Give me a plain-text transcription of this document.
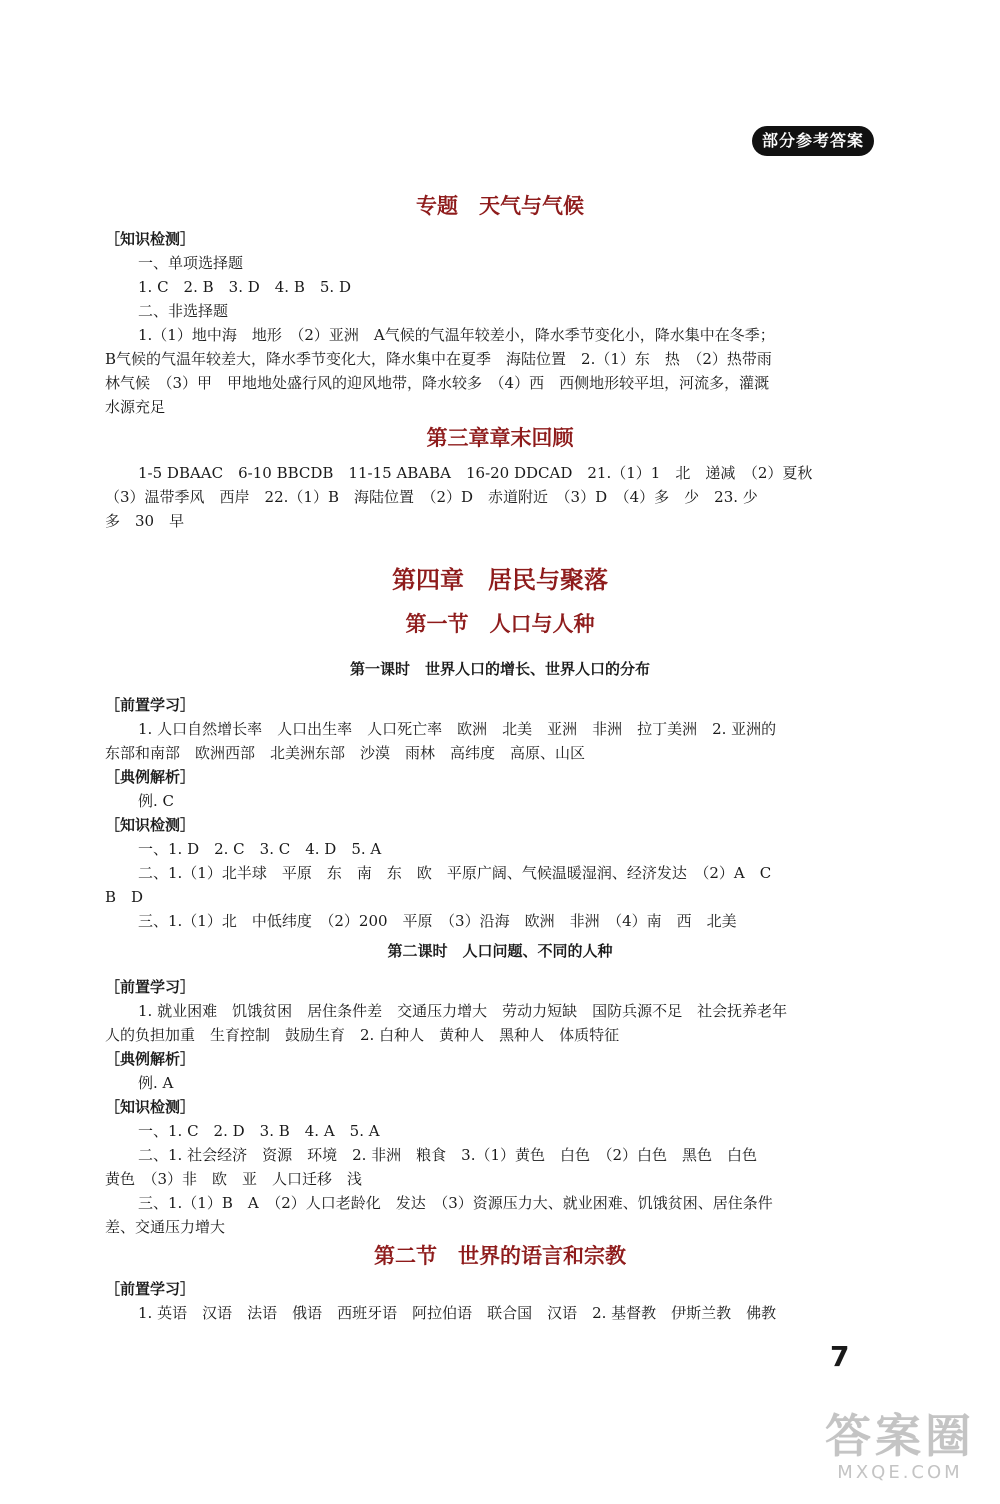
部分参考答案
专题　天气与气候
［知识检测］
一、单项选择题
1. C　2. B　3. D　4. B　5. D
二、非选择题
1.（1）地中海　地形　（2）亚洲　A气候的气温年较差小，降水季节变化小，降水集中在冬季；
B气候的气温年较差大，降水季节变化大，降水集中在夏季　海陆位置　2.（1）东　热　（2）热带雨
林气候　（3）甲　甲地地处盛行风的迎风地带，降水较多　（4）西　西侧地形较平坦，河流多，灌溉
水源充足
第三章章末回顾
1-5 DBAAC　6-10 BBCDB　11-15 ABABA　16-20 DDCAD　21.（1）1　北　递减　（2）夏秋
（3）温带季风　西岸　22.（1）B　海陆位置　（2）D　赤道附近　（3）D　（4）多　少　23. 少
多　30　早
第四章　居民与聚落
第一节　人口与人种
第一课时　世界人口的增长、世界人口的分布
［前置学习］
1. 人口自然增长率　人口出生率　人口死亡率　欧洲　北美　亚洲　非洲　拉丁美洲　2. 亚洲的
东部和南部　欧洲西部　北美洲东部　沙漠　雨林　高纬度　高原、山区
［典例解析］
例. C
［知识检测］
一、1. D　2. C　3. C　4. D　5. A
二、1.（1）北半球　平原　东　南　东　欧　平原广阔、气候温暖湿润、经济发达　（2）A　C
B　D
三、1.（1）北　中低纬度　（2）200　平原　（3）沿海　欧洲　非洲　（4）南　西　北美
第二课时　人口问题、不同的人种
［前置学习］
1. 就业困难　饥饿贫困　居住条件差　交通压力增大　劳动力短缺　国防兵源不足　社会抚养老年
人的负担加重　生育控制　鼓励生育　2. 白种人　黄种人　黑种人　体质特征
［典例解析］
例. A
［知识检测］
一、1. C　2. D　3. B　4. A　5. A
二、1. 社会经济　资源　环境　2. 非洲　粮食　3.（1）黄色　白色　（2）白色　黑色　白色
黄色　（3）非　欧　亚　人口迁移　浅
三、1.（1）B　A　（2）人口老龄化　发达　（3）资源压力大、就业困难、饥饿贫困、居住条件
差、交通压力增大
第二节　世界的语言和宗教
［前置学习］
1. 英语　汉语　法语　俄语　西班牙语　阿拉伯语　联合国　汉语　2. 基督教　伊斯兰教　佛教
7
答案圈
MXQE.COM
